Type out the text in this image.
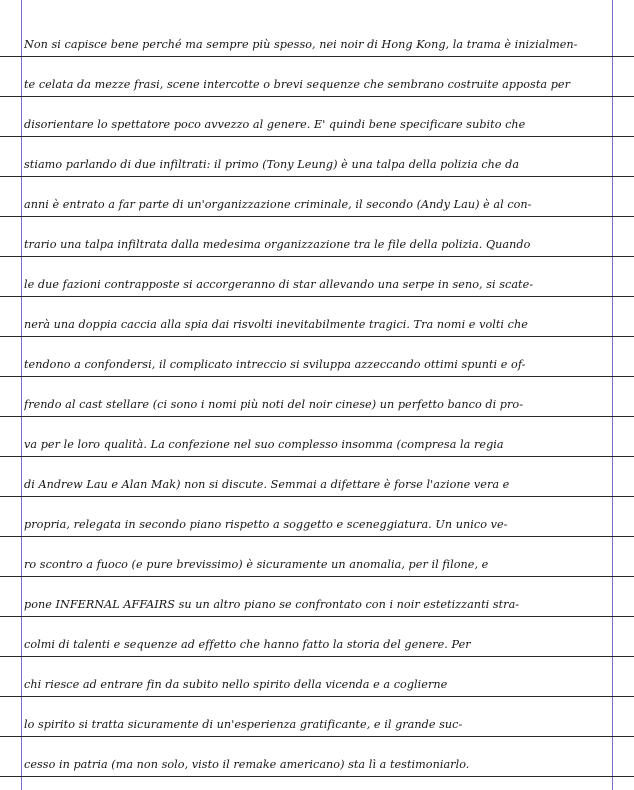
Non si capisce bene perché ma sempre più spesso, nei noir di Hong Kong, la trama è inizialmen-
te celata da mezze frasi, scene intercotte o brevi sequenze che sembrano costruite apposta per
disorientare lo spettatore poco avvezzo al genere. E' quindi bene specificare subito che
stiamo parlando di due infiltrati: il primo (Tony Leung) è una talpa della polizia che da
anni è entrato a far parte di un'organizzazione criminale, il secondo (Andy Lau) è al con-
trario una talpa infiltrata dalla medesima organizzazione tra le file della polizia. Quando
le due fazioni contrapposte si accorgeranno di star allevando una serpe in seno, si scate-
nerà una doppia caccia alla spia dai risvolti inevitabilmente tragici. Tra nomi e volti che
tendono a confondersi, il complicato intreccio si sviluppa azzeccando ottimi spunti e of-
frendo al cast stellare (ci sono i nomi più noti del noir cinese) un perfetto banco di pro-
va per le loro qualità. La confezione nel suo complesso insomma (compresa la regia
di Andrew Lau e Alan Mak) non si discute. Semmai a difettare è forse l'azione vera e
propria, relegata in secondo piano rispetto a soggetto e sceneggiatura. Un unico ve-
ro scontro a fuoco (e pure brevissimo) è sicuramente un anomalia, per il filone, e
pone INFERNAL AFFAIRS su un altro piano se confrontato con i noir estetizzanti stra-
colmi di talenti e sequenze ad effetto che hanno fatto la storia del genere. Per
chi riesce ad entrare fin da subito nello spirito della vicenda e a coglierne
lo spirito si tratta sicuramente di un'esperienza gratificante, e il grande suc-
cesso in patria (ma non solo, visto il remake americano) sta lì a testimoniarlo.
